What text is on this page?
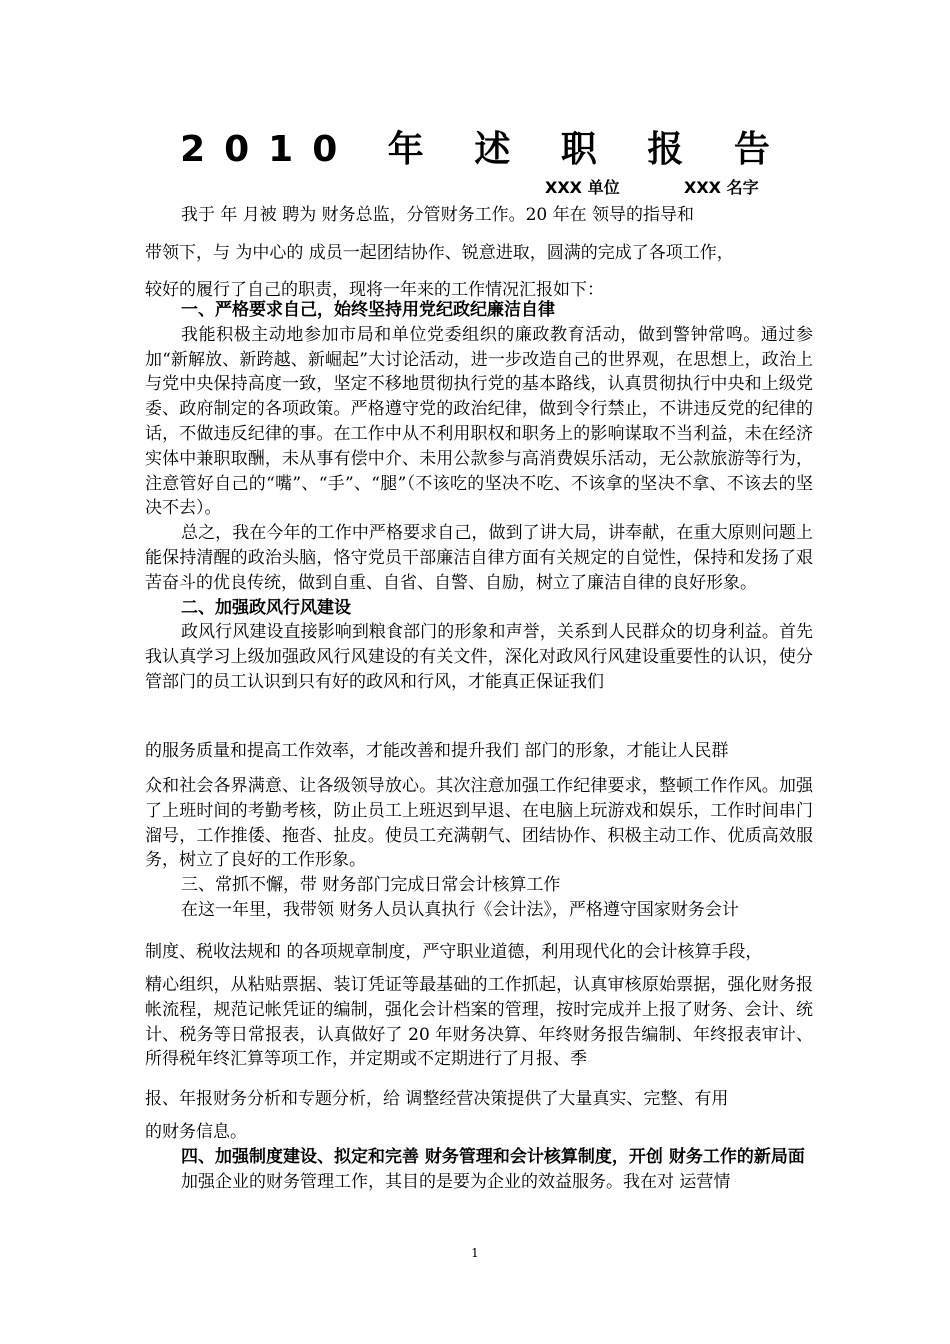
2010 年 述 职 报 告
XXX 单位	XXX 名字

我于 年 月被 聘为 财务总监，分管财务工作。20 年在 领导的指导和

带领下，与 为中心的 成员一起团结协作、锐意进取，圆满的完成了各项工作，

较好的履行了自己的职责，现将一年来的工作情况汇报如下：

一、严格要求自己，始终坚持用党纪政纪廉洁自律

我能积极主动地参加市局和单位党委组织的廉政教育活动，做到警钟常鸣。通过参加“新解放、新跨越、新崛起”大讨论活动，进一步改造自己的世界观，在思想上，政治上与党中央保持高度一致，坚定不移地贯彻执行党的基本路线，认真贯彻执行中央和上级党委、政府制定的各项政策。严格遵守党的政治纪律，做到令行禁止，不讲违反党的纪律的话，不做违反纪律的事。在工作中从不利用职权和职务上的影响谋取不当利益，未在经济实体中兼职取酬，未从事有偿中介、未用公款参与高消费娱乐活动，无公款旅游等行为，注意管好自己的“嘴”、“手”、“腿”（不该吃的坚决不吃、不该拿的坚决不拿、不该去的坚决不去）。

总之，我在今年的工作中严格要求自己，做到了讲大局，讲奉献，在重大原则问题上能保持清醒的政治头脑，恪守党员干部廉洁自律方面有关规定的自觉性，保持和发扬了艰苦奋斗的优良传统，做到自重、自省、自警、自励，树立了廉洁自律的良好形象。

二、加强政风行风建设

政风行风建设直接影响到粮食部门的形象和声誉，关系到人民群众的切身利益。首先我认真学习上级加强政风行风建设的有关文件，深化对政风行风建设重要性的认识，使分管部门的员工认识到只有好的政风和行风，才能真正保证我们

的服务质量和提高工作效率，才能改善和提升我们 部门的形象，才能让人民群

众和社会各界满意、让各级领导放心。其次注意加强工作纪律要求，整顿工作作风。加强了上班时间的考勤考核，防止员工上班迟到早退、在电脑上玩游戏和娱乐，工作时间串门溜号，工作推倭、拖沓、扯皮。使员工充满朝气、团结协作、积极主动工作、优质高效服务，树立了良好的工作形象。

三、常抓不懈，带 财务部门完成日常会计核算工作

在这一年里，我带领 财务人员认真执行《会计法》，严格遵守国家财务会计

制度、税收法规和 的各项规章制度，严守职业道德，利用现代化的会计核算手段，

精心组织，从粘贴票据、装订凭证等最基础的工作抓起，认真审核原始票据，强化财务报帐流程，规范记帐凭证的编制，强化会计档案的管理，按时完成并上报了财务、会计、统计、税务等日常报表，认真做好了 20 年财务决算、年终财务报告编制、年终报表审计、所得税年终汇算等项工作，并定期或不定期进行了月报、季

报、年报财务分析和专题分析，给 调整经营决策提供了大量真实、完整、有用

的财务信息。

四、加强制度建设、拟定和完善 财务管理和会计核算制度，开创 财务工作的新局面

加强企业的财务管理工作，其目的是要为企业的效益服务。我在对 运营情

1
